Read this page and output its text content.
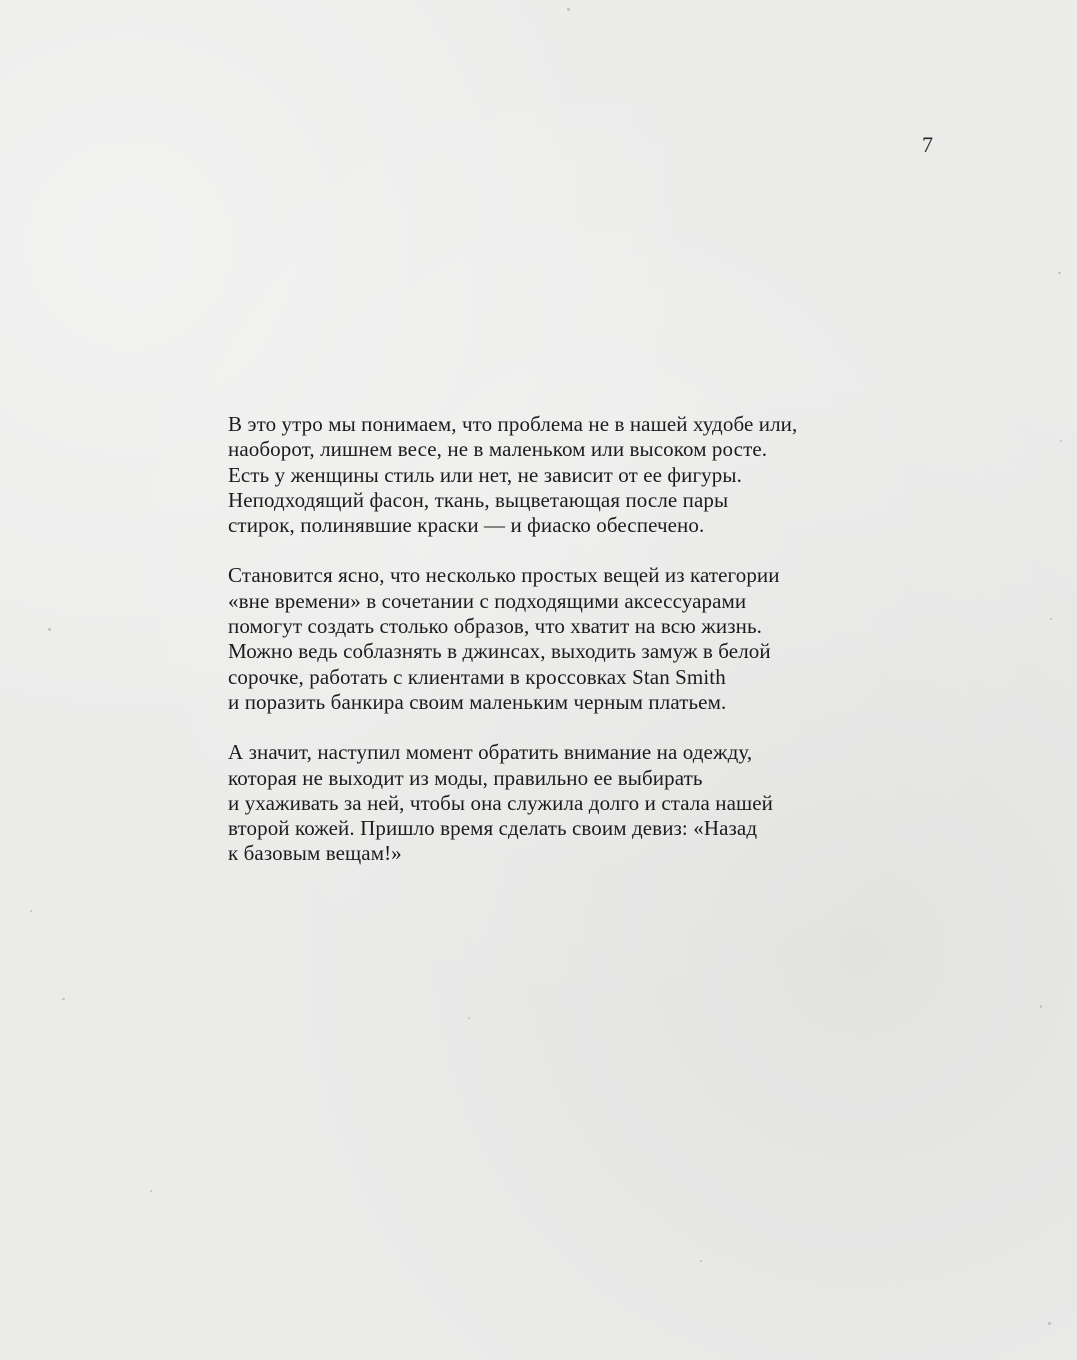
7

В это утро мы понимаем, что проблема не в нашей худобе или,
наоборот, лишнем весе, не в маленьком или высоком росте.
Есть у женщины стиль или нет, не зависит от ее фигуры.
Неподходящий фасон, ткань, выцветающая после пары
стирок, полинявшие краски — и фиаско обеспечено.

Становится ясно, что несколько простых вещей из категории
«вне времени» в сочетании с подходящими аксессуарами
помогут создать столько образов, что хватит на всю жизнь.
Можно ведь соблазнять в джинсах, выходить замуж в белой
сорочке, работать с клиентами в кроссовках Stan Smith
и поразить банкира своим маленьким черным платьем.

А значит, наступил момент обратить внимание на одежду,
которая не выходит из моды, правильно ее выбирать
и ухаживать за ней, чтобы она служила долго и стала нашей
второй кожей. Пришло время сделать своим девиз: «Назад
к базовым вещам!»
